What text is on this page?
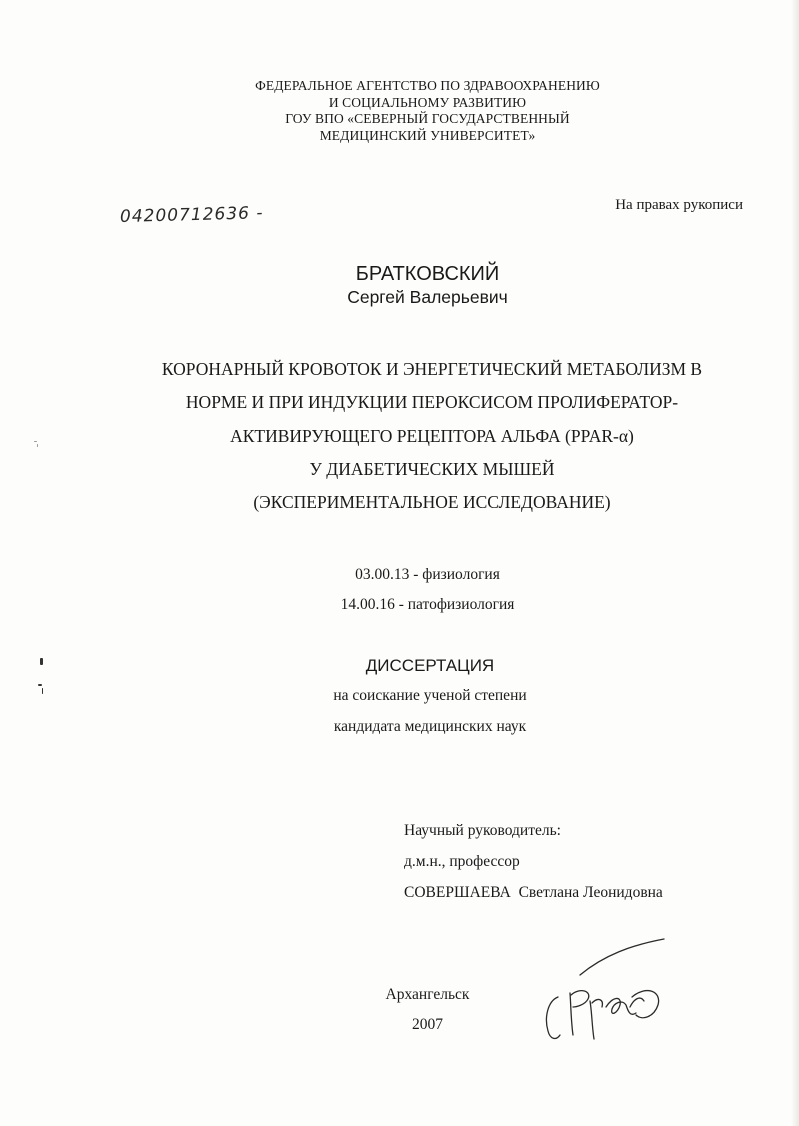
ФЕДЕРАЛЬНОЕ АГЕНТСТВО ПО ЗДРАВООХРАНЕНИЮ
И СОЦИАЛЬНОМУ РАЗВИТИЮ
ГОУ ВПО «СЕВЕРНЫЙ ГОСУДАРСТВЕННЫЙ
МЕДИЦИНСКИЙ УНИВЕРСИТЕТ»
04200712636 -	На правах рукописи
БРАТКОВСКИЙ
Сергей Валерьевич
КОРОНАРНЫЙ КРОВОТОК И ЭНЕРГЕТИЧЕСКИЙ МЕТАБОЛИЗМ В
НОРМЕ И ПРИ ИНДУКЦИИ ПЕРОКСИСОМ ПРОЛИФЕРАТОР-
АКТИВИРУЮЩЕГО РЕЦЕПТОРА АЛЬФА (PPAR-α)
У ДИАБЕТИЧЕСКИХ МЫШЕЙ
(ЭКСПЕРИМЕНТАЛЬНОЕ ИССЛЕДОВАНИЕ)
03.00.13 - физиология
14.00.16 - патофизиология
ДИССЕРТАЦИЯ
на соискание ученой степени
кандидата медицинских наук
Научный руководитель:
д.м.н., профессор
СОВЕРШАЕВА Светлана Леонидовна
Архангельск
2007
